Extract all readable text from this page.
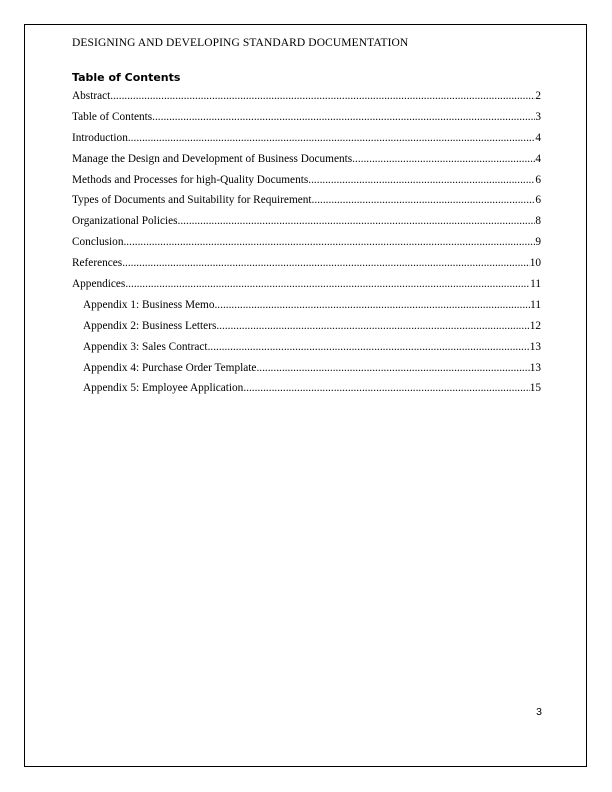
DESIGNING AND DEVELOPING STANDARD DOCUMENTATION
Table of Contents
Abstract .....	2
Table of Contents .....	3
Introduction .....	4
Manage the Design and Development of Business Documents .....	4
Methods and Processes for high-Quality Documents .....	6
Types of Documents and Suitability for Requirement .....	6
Organizational Policies .....	8
Conclusion .....	9
References .....	10
Appendices .....	11
Appendix 1: Business Memo .....	11
Appendix 2: Business Letters .....	12
Appendix 3: Sales Contract .....	13
Appendix 4: Purchase Order Template .....	13
Appendix 5: Employee Application .....	15
3
